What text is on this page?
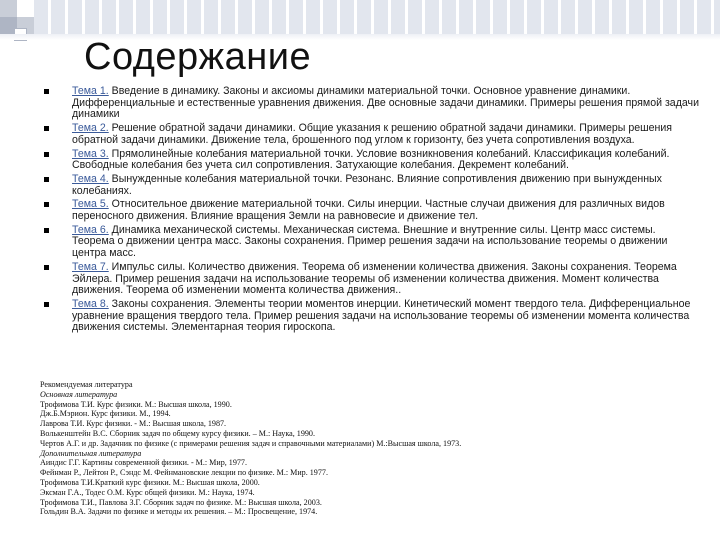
Содержание
Тема 1. Введение в динамику. Законы и аксиомы динамики материальной точки. Основное уравнение динамики. Дифференциальные и естественные уравнения движения. Две основные задачи динамики. Примеры решения прямой задачи динамики
Тема 2. Решение обратной задачи динамики. Общие указания к решению обратной задачи динамики. Примеры решения обратной задачи динамики. Движение тела, брошенного под углом к горизонту, без учета сопротивления воздуха.
Тема 3. Прямолинейные колебания материальной точки. Условие возникновения колебаний. Классификация колебаний. Свободные колебания без учета сил сопротивления. Затухающие колебания. Декремент колебаний.
Тема 4. Вынужденные колебания материальной точки. Резонанс. Влияние сопротивления движению при вынужденных колебаниях.
Тема 5. Относительное движение материальной точки. Силы инерции. Частные случаи движения для различных видов переносного движения. Влияние вращения Земли на равновесие и движение тел.
Тема 6. Динамика механической системы. Механическая система. Внешние и внутренние силы. Центр масс системы. Теорема о движении центра масс. Законы сохранения. Пример решения задачи на использование теоремы о движении центра масс.
Тема 7. Импульс силы. Количество движения. Теорема об изменении количества движения. Законы сохранения. Теорема Эйлера. Пример решения задачи на использование теоремы об изменении количества движения. Момент количества движения. Теорема об изменении момента количества движения..
Тема 8. Законы сохранения. Элементы теории моментов инерции. Кинетический момент твердого тела. Дифференциальное уравнение вращения твердого тела. Пример решения задачи на использование теоремы об изменении момента количества движения системы. Элементарная теория гироскопа.
Рекомендуемая литература
Основная литература
Трофимова Т.И. Курс физики. М.: Высшая школа, 1990.
Дж.Б.Мэрион. Курс физики. М., 1994.
Лаврова Т.И. Курс физики. - М.: Высшая школа, 1987.
Волькенштейн В.С. Сборник задач по общему курсу физики. – М.: Наука, 1990.
Чертов А.Г. и др. Задачник по физике (с примерами решения задач и справочными материалами) М.:Высшая школа, 1973.
Дополнительная литература
Аиндис Г.Г. Картины современной физики. - М.: Мир, 1977.
Фейнман Р., Лейтон Р., Сэндс М. Фейнмановские лекции по физике. М.: Мир. 1977.
Трофимова Т.И.Краткий курс физики. М.: Высшая школа, 2000.
Эксман Г.А., Тодес О.М. Курс общей физики. М.: Наука, 1974.
Трофимова Т.И., Павлова З.Г. Сборник задач по физике. М.: Высшая школа, 2003.
Гольдин В.А. Задачи по физике и методы их решения. – М.: Просвещение, 1974.
